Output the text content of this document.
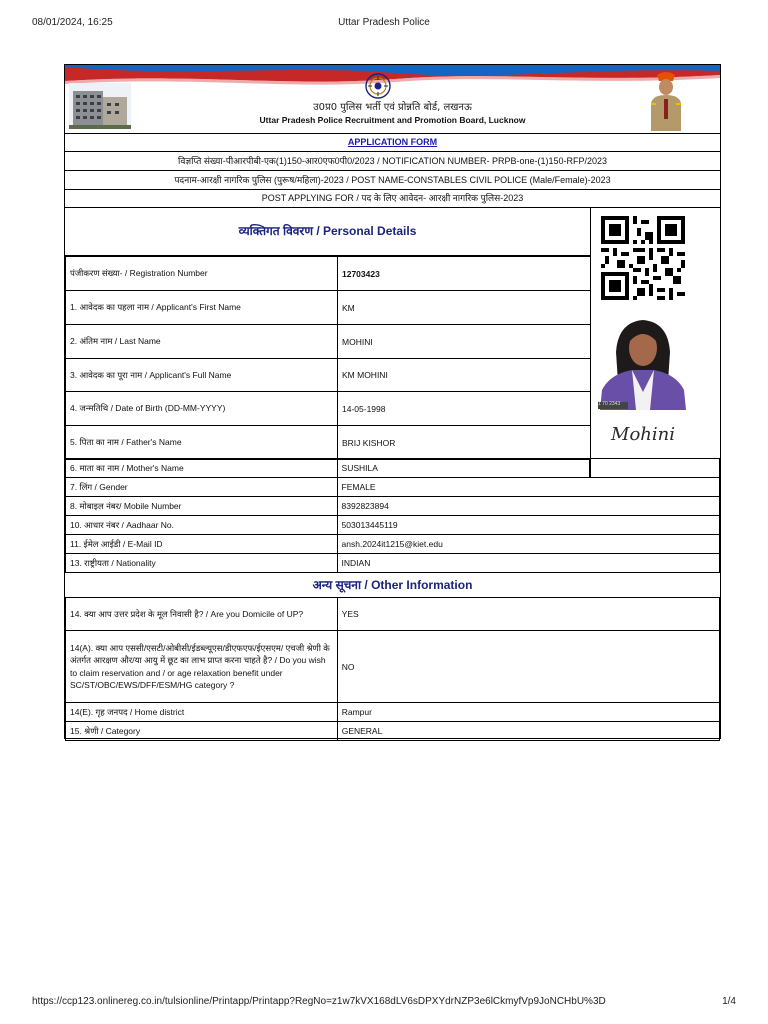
08/01/2024, 16:25	Uttar Pradesh Police
उ0प्र0 पुलिस भर्ती एवं प्रोन्नति बोर्ड, लखनऊ
Uttar Pradesh Police Recruitment and Promotion Board, Lucknow
APPLICATION FORM
विज्ञप्ति संख्या-पीआरपीबी-एक(1)150-आर0एफ0पी0/2023 / NOTIFICATION NUMBER- PRPB-one-(1)150-RFP/2023
पदनाम-आरक्षी नागरिक पुलिस (पुरूष/महिला)-2023 / POST NAME-CONSTABLES CIVIL POLICE (Male/Female)-2023
POST APPLYING FOR / पद के लिए आवेदन- आरक्षी नागरिक पुलिस-2023
व्यक्तिगत विवरण / Personal Details
1 70 2343
Mohini
पंजीकरण संख्या- / Registration Number	12703423
1. आवेदक का पहला नाम / Applicant's First Name	KM
2. अंतिम नाम / Last Name	MOHINI
3. आवेदक का पूरा नाम / Applicant's Full Name	KM MOHINI
4. जन्मतिथि / Date of Birth (DD-MM-YYYY)	14-05-1998
5. पिता का नाम / Father's Name	BRIJ KISHOR
6. माता का नाम / Mother's Name	SUSHILA	
7. लिंग / Gender	FEMALE	
8. मोबाइल नंबर/ Mobile Number	8392823894	
10. आधार नंबर / Aadhaar No.	503013445119	
11. ईमेल आईडी / E-Mail ID	ansh.2024it1215@kiet.edu	
13. राष्ट्रीयता / Nationality	INDIAN	
अन्य सूचना / Other Information
14. क्या आप उत्तर प्रदेश के मूल निवासी है? / Are you Domicile of UP?	YES
14(A). क्या आप एससी/एसटी/ओबीसी/ईडब्ल्यूएस/डीएफएफ/ईएसएम/ एचजी श्रेणी के अंतर्गत आरक्षण और/या आयु में छूट का लाभ प्राप्त करना चाहते है? / Do you wish to claim reservation and / or age relaxation benefit under SC/ST/OBC/EWS/DFF/ESM/HG category ?	NO
14(E). गृह जनपद / Home district	Rampur
15. श्रेणी / Category	GENERAL
https://ccp123.onlinereg.co.in/tulsionline/Printapp/Printapp?RegNo=z1w7kVX168dLV6sDPXYdrNZP3e6lCkmyfVp9JoNCHbU%3D	1/4
